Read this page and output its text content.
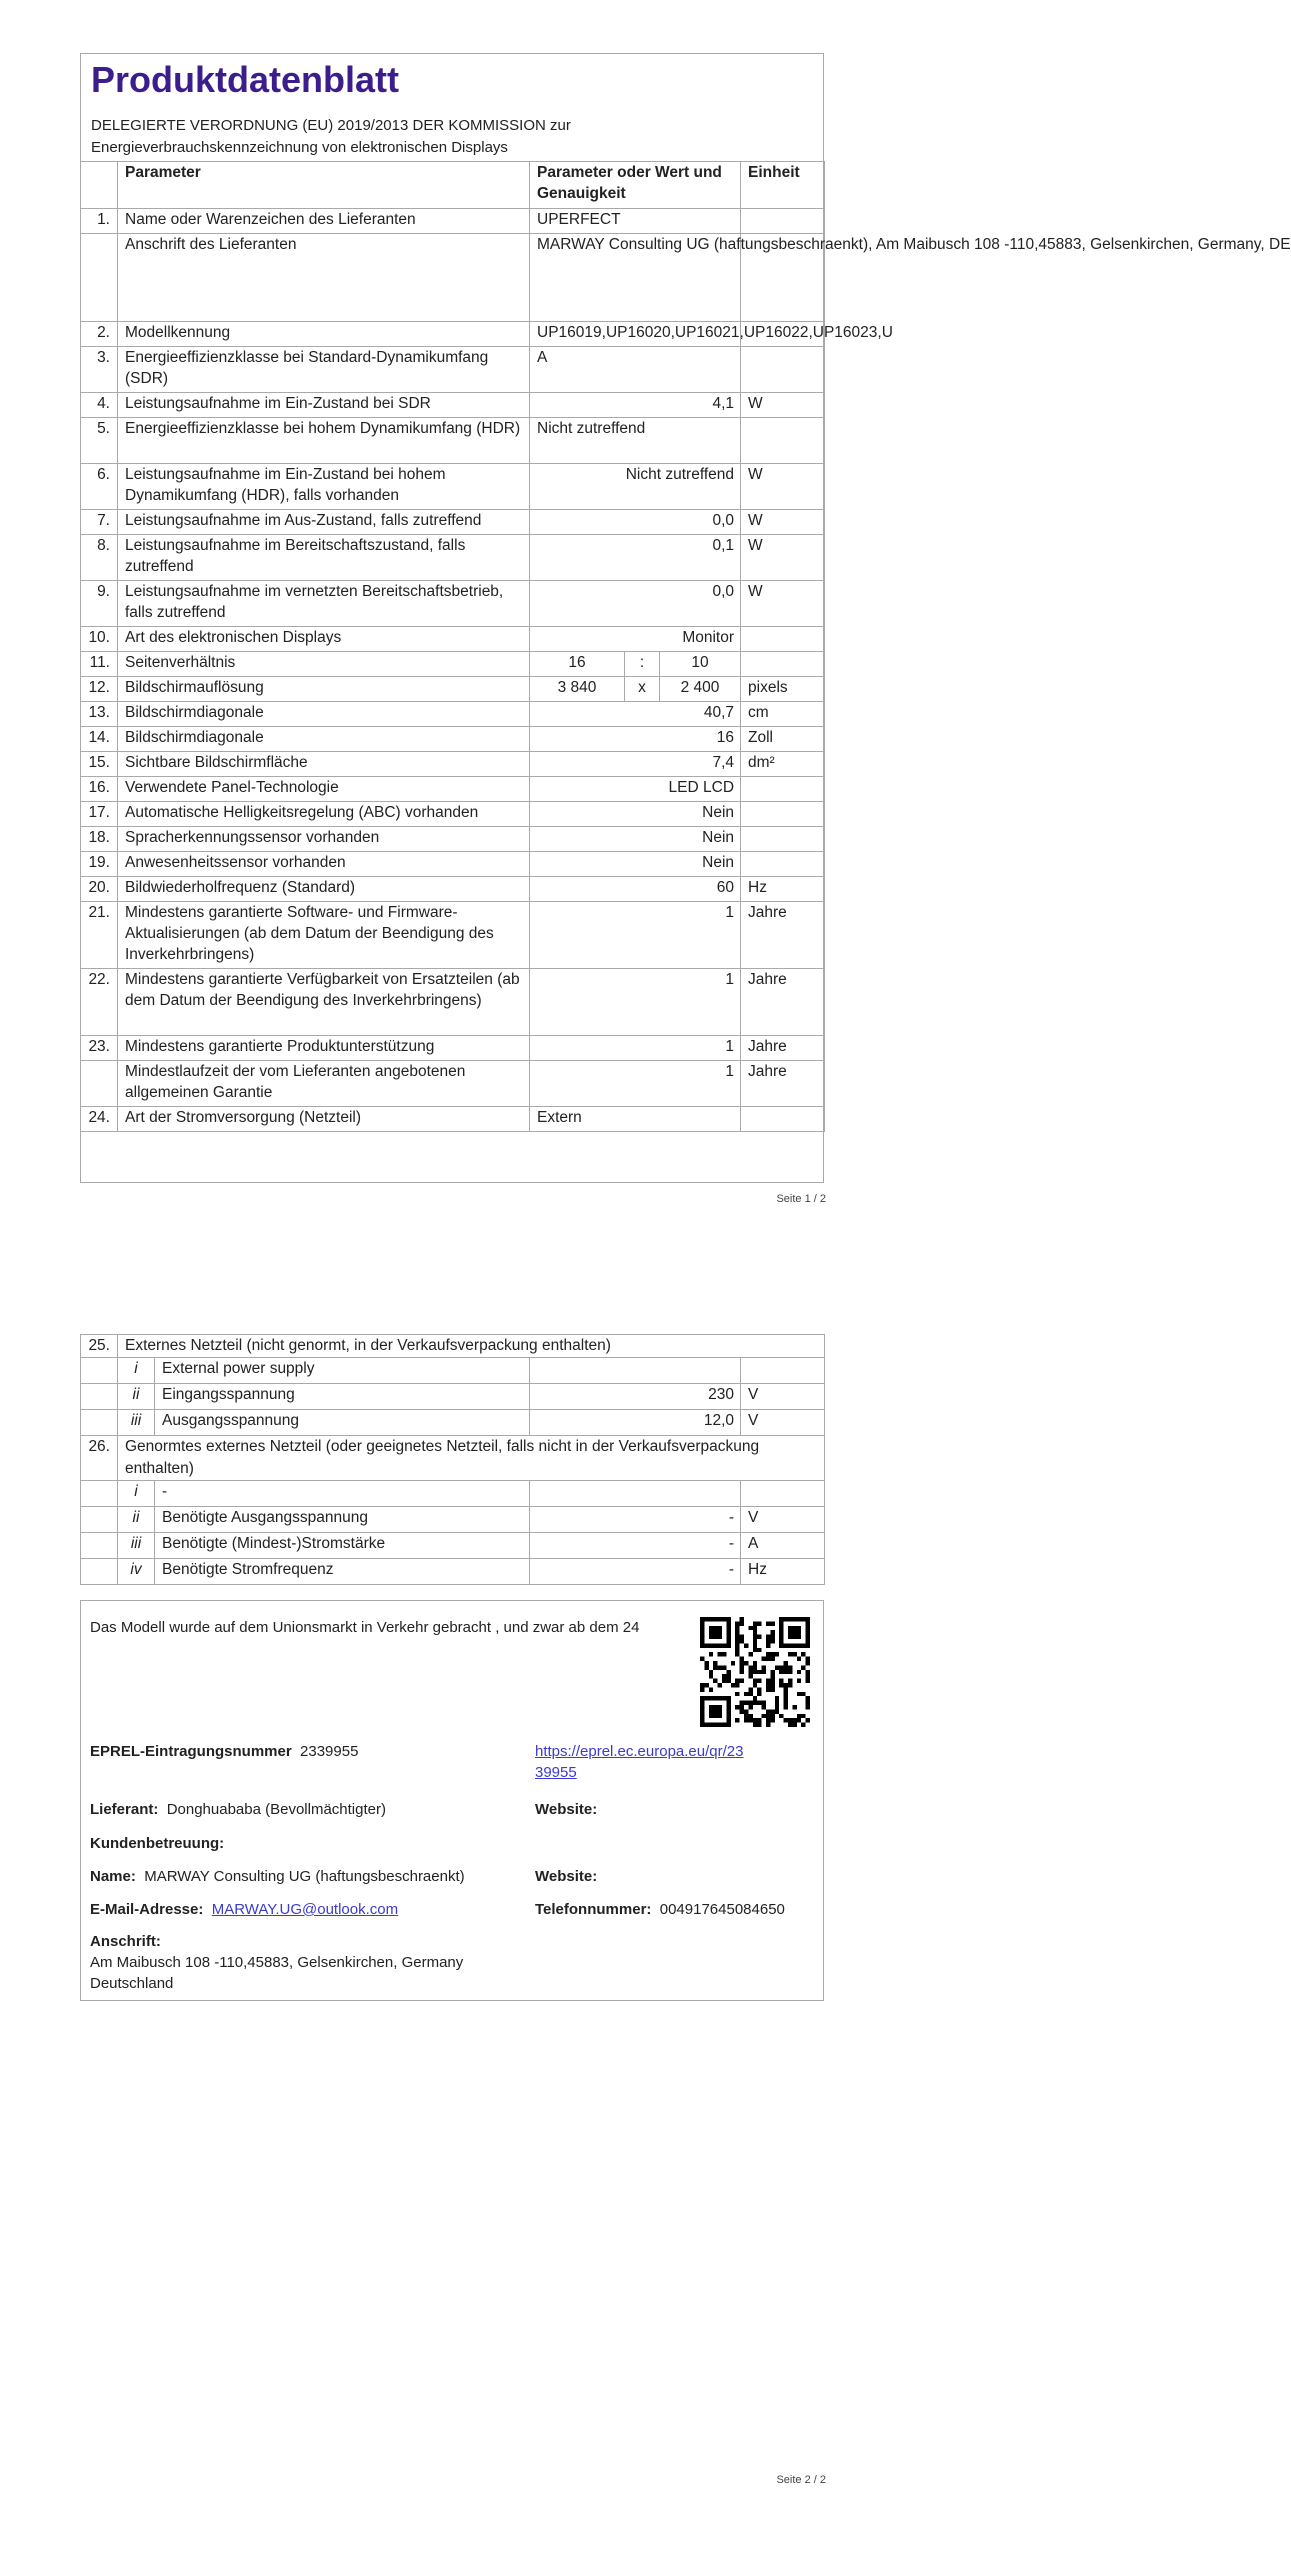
Produktdatenblatt
DELEGIERTE VERORDNUNG (EU) 2019/2013 DER KOMMISSION zur Energieverbrauchskennzeichnung von elektronischen Displays
	Parameter	Parameter oder Wert und Genauigkeit			Einheit
1.	Name oder Warenzeichen des Lieferanten	UPERFECT			
	Anschrift des Lieferanten	MARWAY Consulting UG (haftungsbeschraenkt), Am Maibusch 108 -110,45883, Gelsenkirchen, Germany, DE			
2.	Modellkennung	UP16019,UP16020,UP16021,UP16022,UP16023,U			
3.	Energieeffizienzklasse bei Standard-Dynamikumfang (SDR)	A			
4.	Leistungsaufnahme im Ein-Zustand bei SDR	4,1			W
5.	Energieeffizienzklasse bei hohem Dynamikumfang (HDR)	Nicht zutreffend			
6.	Leistungsaufnahme im Ein-Zustand bei hohem Dynamikumfang (HDR), falls vorhanden	Nicht zutreffend			W
7.	Leistungsaufnahme im Aus-Zustand, falls zutreffend	0,0			W
8.	Leistungsaufnahme im Bereitschaftszustand, falls zutreffend	0,1			W
9.	Leistungsaufnahme im vernetzten Bereitschaftsbetrieb, falls zutreffend	0,0			W
10.	Art des elektronischen Displays	Monitor			
11.	Seitenverhältnis	16	:	10	
12.	Bildschirmauflösung	3 840	x	2 400	pixels
13.	Bildschirmdiagonale	40,7			cm
14.	Bildschirmdiagonale	16			Zoll
15.	Sichtbare Bildschirmfläche	7,4			dm²
16.	Verwendete Panel-Technologie	LED LCD			
17.	Automatische Helligkeitsregelung (ABC) vorhanden	Nein			
18.	Spracherkennungssensor vorhanden	Nein			
19.	Anwesenheitssensor vorhanden	Nein			
20.	Bildwiederholfrequenz (Standard)	60			Hz
21.	Mindestens garantierte Software- und Firmware-Aktualisierungen (ab dem Datum der Beendigung des Inverkehrbringens)	1			Jahre
22.	Mindestens garantierte Verfügbarkeit von Ersatzteilen (ab dem Datum der Beendigung des Inverkehrbringens)	1			Jahre
23.	Mindestens garantierte Produktunterstützung	1			Jahre
	Mindestlaufzeit der vom Lieferanten angebotenen allgemeinen Garantie	1			Jahre
24.	Art der Stromversorgung (Netzteil)	Extern			
Seite 1 / 2
25.	Externes Netzteil (nicht genormt, in der Verkaufsverpackung enthalten)			
	i	External power supply		
	ii	Eingangsspannung	230	V
	iii	Ausgangsspannung	12,0	V
26.	Genormtes externes Netzteil (oder geeignetes Netzteil, falls nicht in der Verkaufsverpackung enthalten)			
	i	-		
	ii	Benötigte Ausgangsspannung	-	V
	iii	Benötigte (Mindest-)Stromstärke	-	A
	iv	Benötigte Stromfrequenz	-	Hz
Das Modell wurde auf dem Unionsmarkt in Verkehr gebracht , und zwar ab dem 24
EPREL-Eintragungsnummer 2339955	https://eprel.ec.europa.eu/qr/23
39955
Lieferant: Donghuababa (Bevollmächtigter)	Website:
Kundenbetreuung:
Name: MARWAY Consulting UG (haftungsbeschraenkt)	Website:
E-Mail-Adresse: MARWAY.UG@outlook.com	Telefonnummer: 004917645084650
Anschrift:
Am Maibusch 108 -110,45883, Gelsenkirchen, Germany
Deutschland
Seite 2 / 2
